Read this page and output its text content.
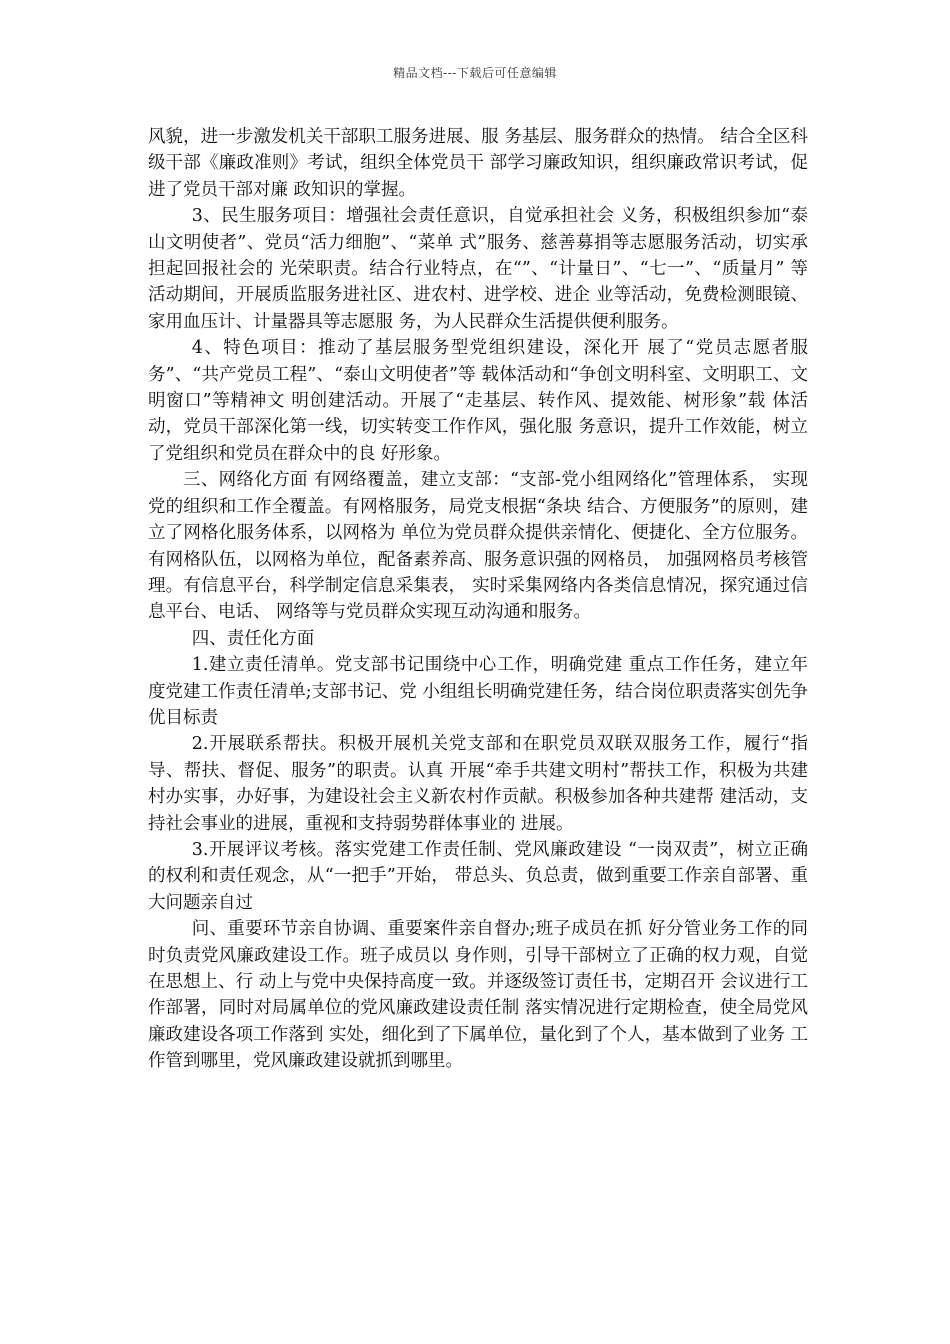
精品文档---下载后可任意编辑

风貌，进一步激发机关干部职工服务进展、服 务基层、服务群众的热情。 结合全区科级干部《廉政准则》考试，组织全体党员干 部学习廉政知识，组织廉政常识考试，促进了党员干部对廉 政知识的掌握。

3、民生服务项目：增强社会责任意识，自觉承担社会 义务，积极组织参加“泰山文明使者”、党员“活力细胞”、“菜单 式”服务、慈善募捐等志愿服务活动，切实承担起回报社会的 光荣职责。结合行业特点，在“”、“计量日”、“七一”、“质量月” 等活动期间，开展质监服务进社区、进农村、进学校、进企 业等活动，免费检测眼镜、家用血压计、计量器具等志愿服 务，为人民群众生活提供便利服务。

4、特色项目：推动了基层服务型党组织建设，深化开 展了“党员志愿者服务”、“共产党员工程”、“泰山文明使者”等 载体活动和“争创文明科室、文明职工、文明窗口”等精神文 明创建活动。开展了“走基层、转作风、提效能、树形象”载 体活动，党员干部深化第一线，切实转变工作作风，强化服 务意识，提升工作效能，树立了党组织和党员在群众中的良 好形象。

三、网络化方面 有网络覆盖，建立支部：“支部-党小组网络化”管理体系， 实现党的组织和工作全覆盖。有网格服务，局党支根据“条块 结合、方便服务”的原则，建立了网格化服务体系，以网格为 单位为党员群众提供亲情化、便捷化、全方位服务。有网格队伍，以网格为单位，配备素养高、服务意识强的网格员， 加强网格员考核管理。有信息平台，科学制定信息采集表， 实时采集网络内各类信息情况，探究通过信息平台、电话、 网络等与党员群众实现互动沟通和服务。

四、责任化方面

1.建立责任清单。党支部书记围绕中心工作，明确党建 重点工作任务，建立年度党建工作责任清单;支部书记、党 小组组长明确党建任务，结合岗位职责落实创先争优目标责

2.开展联系帮扶。积极开展机关党支部和在职党员双联双服务工作，履行“指导、帮扶、督促、服务”的职责。认真 开展“牵手共建文明村”帮扶工作，积极为共建村办实事，办好事，为建设社会主义新农村作贡献。积极参加各种共建帮 建活动，支持社会事业的进展，重视和支持弱势群体事业的 进展。

3.开展评议考核。落实党建工作责任制、党风廉政建设 “一岗双责”，树立正确的权利和责任观念，从“一把手”开始， 带总头、负总责，做到重要工作亲自部署、重大问题亲自过

问、重要环节亲自协调、重要案件亲自督办;班子成员在抓 好分管业务工作的同时负责党风廉政建设工作。班子成员以 身作则，引导干部树立了正确的权力观，自觉在思想上、行 动上与党中央保持高度一致。并逐级签订责任书，定期召开 会议进行工作部署，同时对局属单位的党风廉政建设责任制 落实情况进行定期检查，使全局党风廉政建设各项工作落到 实处，细化到了下属单位，量化到了个人，基本做到了业务 工作管到哪里，党风廉政建设就抓到哪里。
